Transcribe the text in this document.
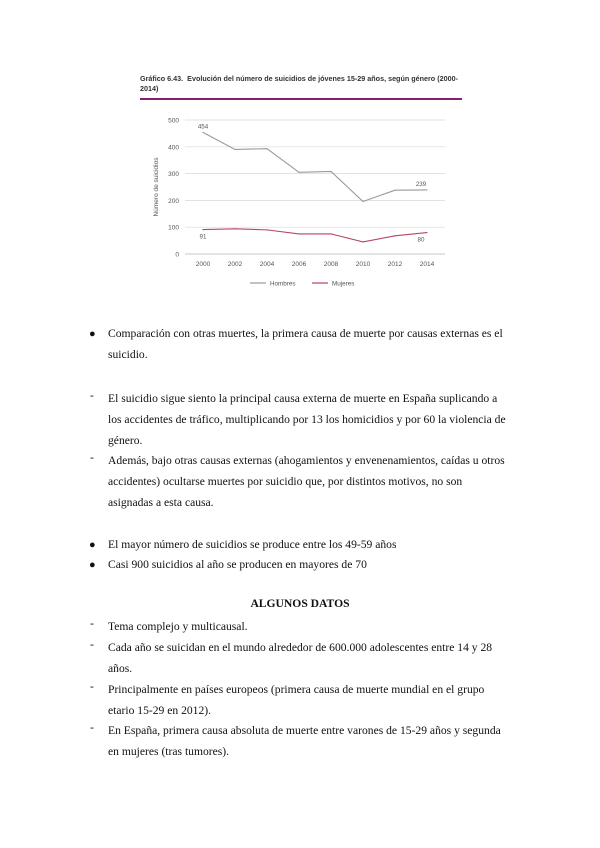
Gráfico 6.43. Evolución del número de suicidios de jóvenes 15-29 años, según género (2000-2014)
0
100
200
300
400
500
2000	2002	2004	2006	2008	2010	2012	2014
Número de suicidios
454
239
91	80
Hombres	Mujeres
● Comparación con otras muertes, la primera causa de muerte por causas externas es el
suicidio.
- El suicidio sigue siento la principal causa externa de muerte en España suplicando a
los accidentes de tráfico, multiplicando por 13 los homicidios y por 60 la violencia de
género.
- Además, bajo otras causas externas (ahogamientos y envenenamientos, caídas u otros
accidentes) ocultarse muertes por suicidio que, por distintos motivos, no son
asignadas a esta causa.
● El mayor número de suicidios se produce entre los 49-59 años
● Casi 900 suicidios al año se producen en mayores de 70
ALGUNOS DATOS
- Tema complejo y multicausal.
- Cada año se suicidan en el mundo alrededor de 600.000 adolescentes entre 14 y 28
años.
- Principalmente en países europeos (primera causa de muerte mundial en el grupo
etario 15-29 en 2012).
- En España, primera causa absoluta de muerte entre varones de 15-29 años y segunda
en mujeres (tras tumores).
